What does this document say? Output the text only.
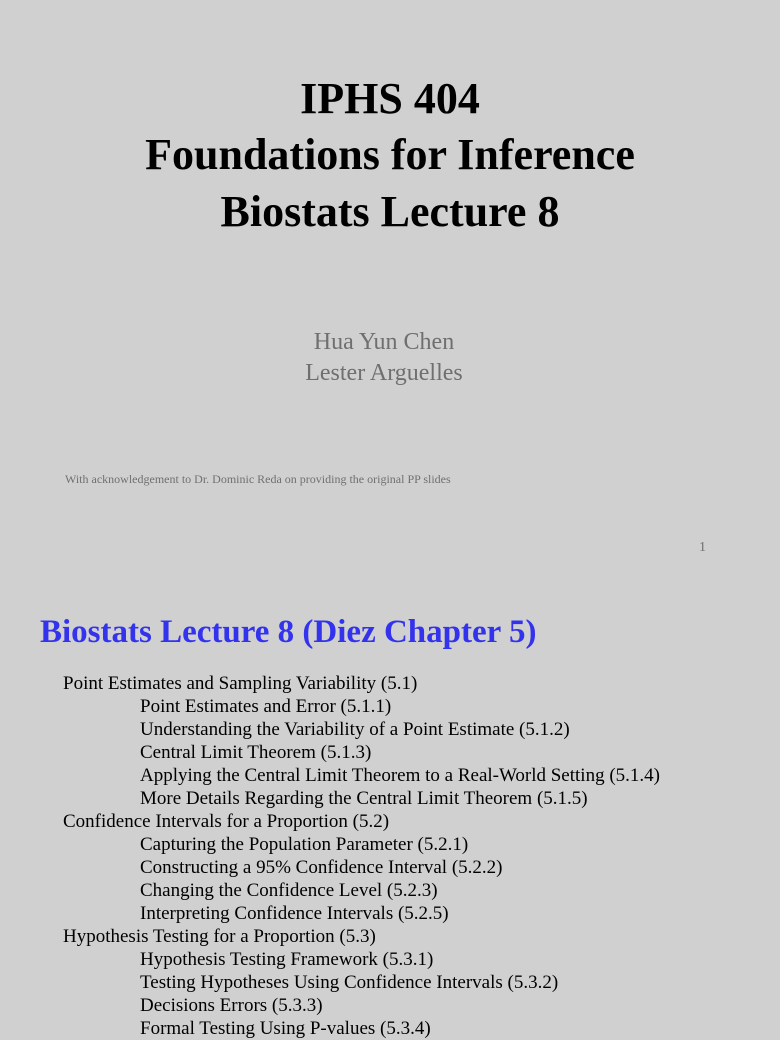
IPHS 404
Foundations for Inference
Biostats Lecture 8
Hua Yun Chen
Lester Arguelles
With acknowledgement to Dr. Dominic Reda on providing the original PP slides
1
Biostats Lecture 8 (Diez Chapter 5)
Point Estimates and Sampling Variability (5.1)
Point Estimates and Error (5.1.1)
Understanding the Variability of a Point Estimate (5.1.2)
Central Limit Theorem (5.1.3)
Applying the Central Limit Theorem to a Real-World Setting (5.1.4)
More Details Regarding the Central Limit Theorem (5.1.5)
Confidence Intervals for a Proportion (5.2)
Capturing the Population Parameter (5.2.1)
Constructing a 95% Confidence Interval (5.2.2)
Changing the Confidence Level (5.2.3)
Interpreting Confidence Intervals (5.2.5)
Hypothesis Testing for a Proportion (5.3)
Hypothesis Testing Framework (5.3.1)
Testing Hypotheses Using Confidence Intervals (5.3.2)
Decisions Errors (5.3.3)
Formal Testing Using P-values (5.3.4)
